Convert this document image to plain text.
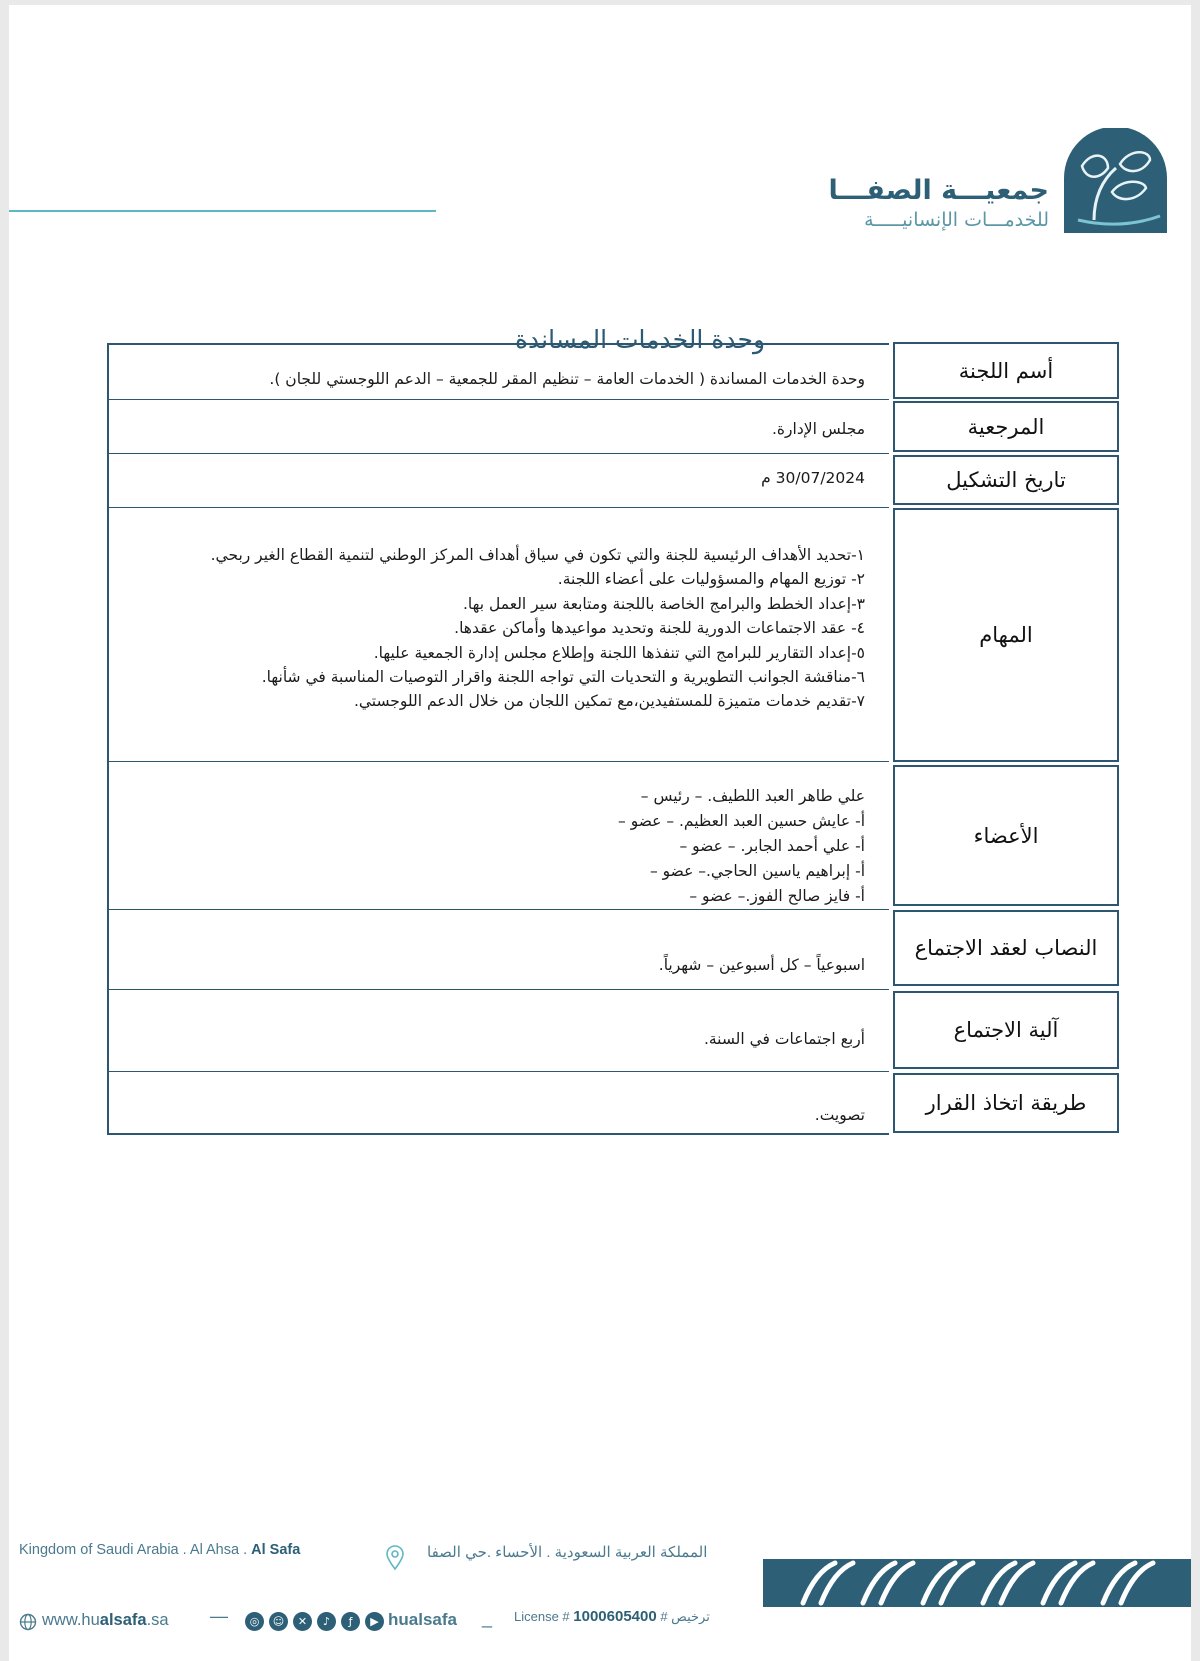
جمعيـــة الصفـــا
للخدمـــات الإنسانيـــــة
وحدة الخدمات المساندة
أسم اللجنة
وحدة الخدمات المساندة ( الخدمات العامة – تنظيم المقر للجمعية – الدعم اللوجستي للجان ).
المرجعية
مجلس الإدارة.
تاريخ التشكيل
30/07/2024 م
المهام
١-تحديد الأهداف الرئيسية للجنة والتي تكون في سياق أهداف المركز الوطني لتنمية القطاع الغير ربحي.
٢- توزيع المهام والمسؤوليات على أعضاء اللجنة.
٣-إعداد الخطط والبرامج الخاصة باللجنة ومتابعة سير العمل بها.
٤- عقد الاجتماعات الدورية للجنة وتحديد مواعيدها وأماكن عقدها.
٥-إعداد التقارير للبرامج التي تنفذها اللجنة وإطلاع مجلس إدارة الجمعية عليها.
٦-مناقشة الجوانب التطويرية و التحديات التي تواجه اللجنة واقرار التوصيات المناسبة في شأنها.
٧-تقديم خدمات متميزة للمستفيدين،مع تمكين اللجان من خلال الدعم اللوجستي.
الأعضاء
علي طاهر العبد اللطيف. – رئيس –
أ- عايش حسين العبد العظيم. – عضو –
أ- علي أحمد الجابر. – عضو –
أ- إبراهيم ياسين الحاجي.– عضو –
أ- فايز صالح الفوز.– عضو –
النصاب لعقد الاجتماع
اسبوعياً – كل أسبوعين – شهرياً.
آلية الاجتماع
أربع اجتماعات في السنة.
طريقة اتخاذ القرار
تصويت.
Kingdom of Saudi Arabia . Al Ahsa . Al Safa	المملكة العربية السعودية . الأحساء .حي الصفا
www.hualsafa.sa —	◎	☺	✕	♪	ƒ	▶ hualsafa _ License # 1000605400 # ترخيص
